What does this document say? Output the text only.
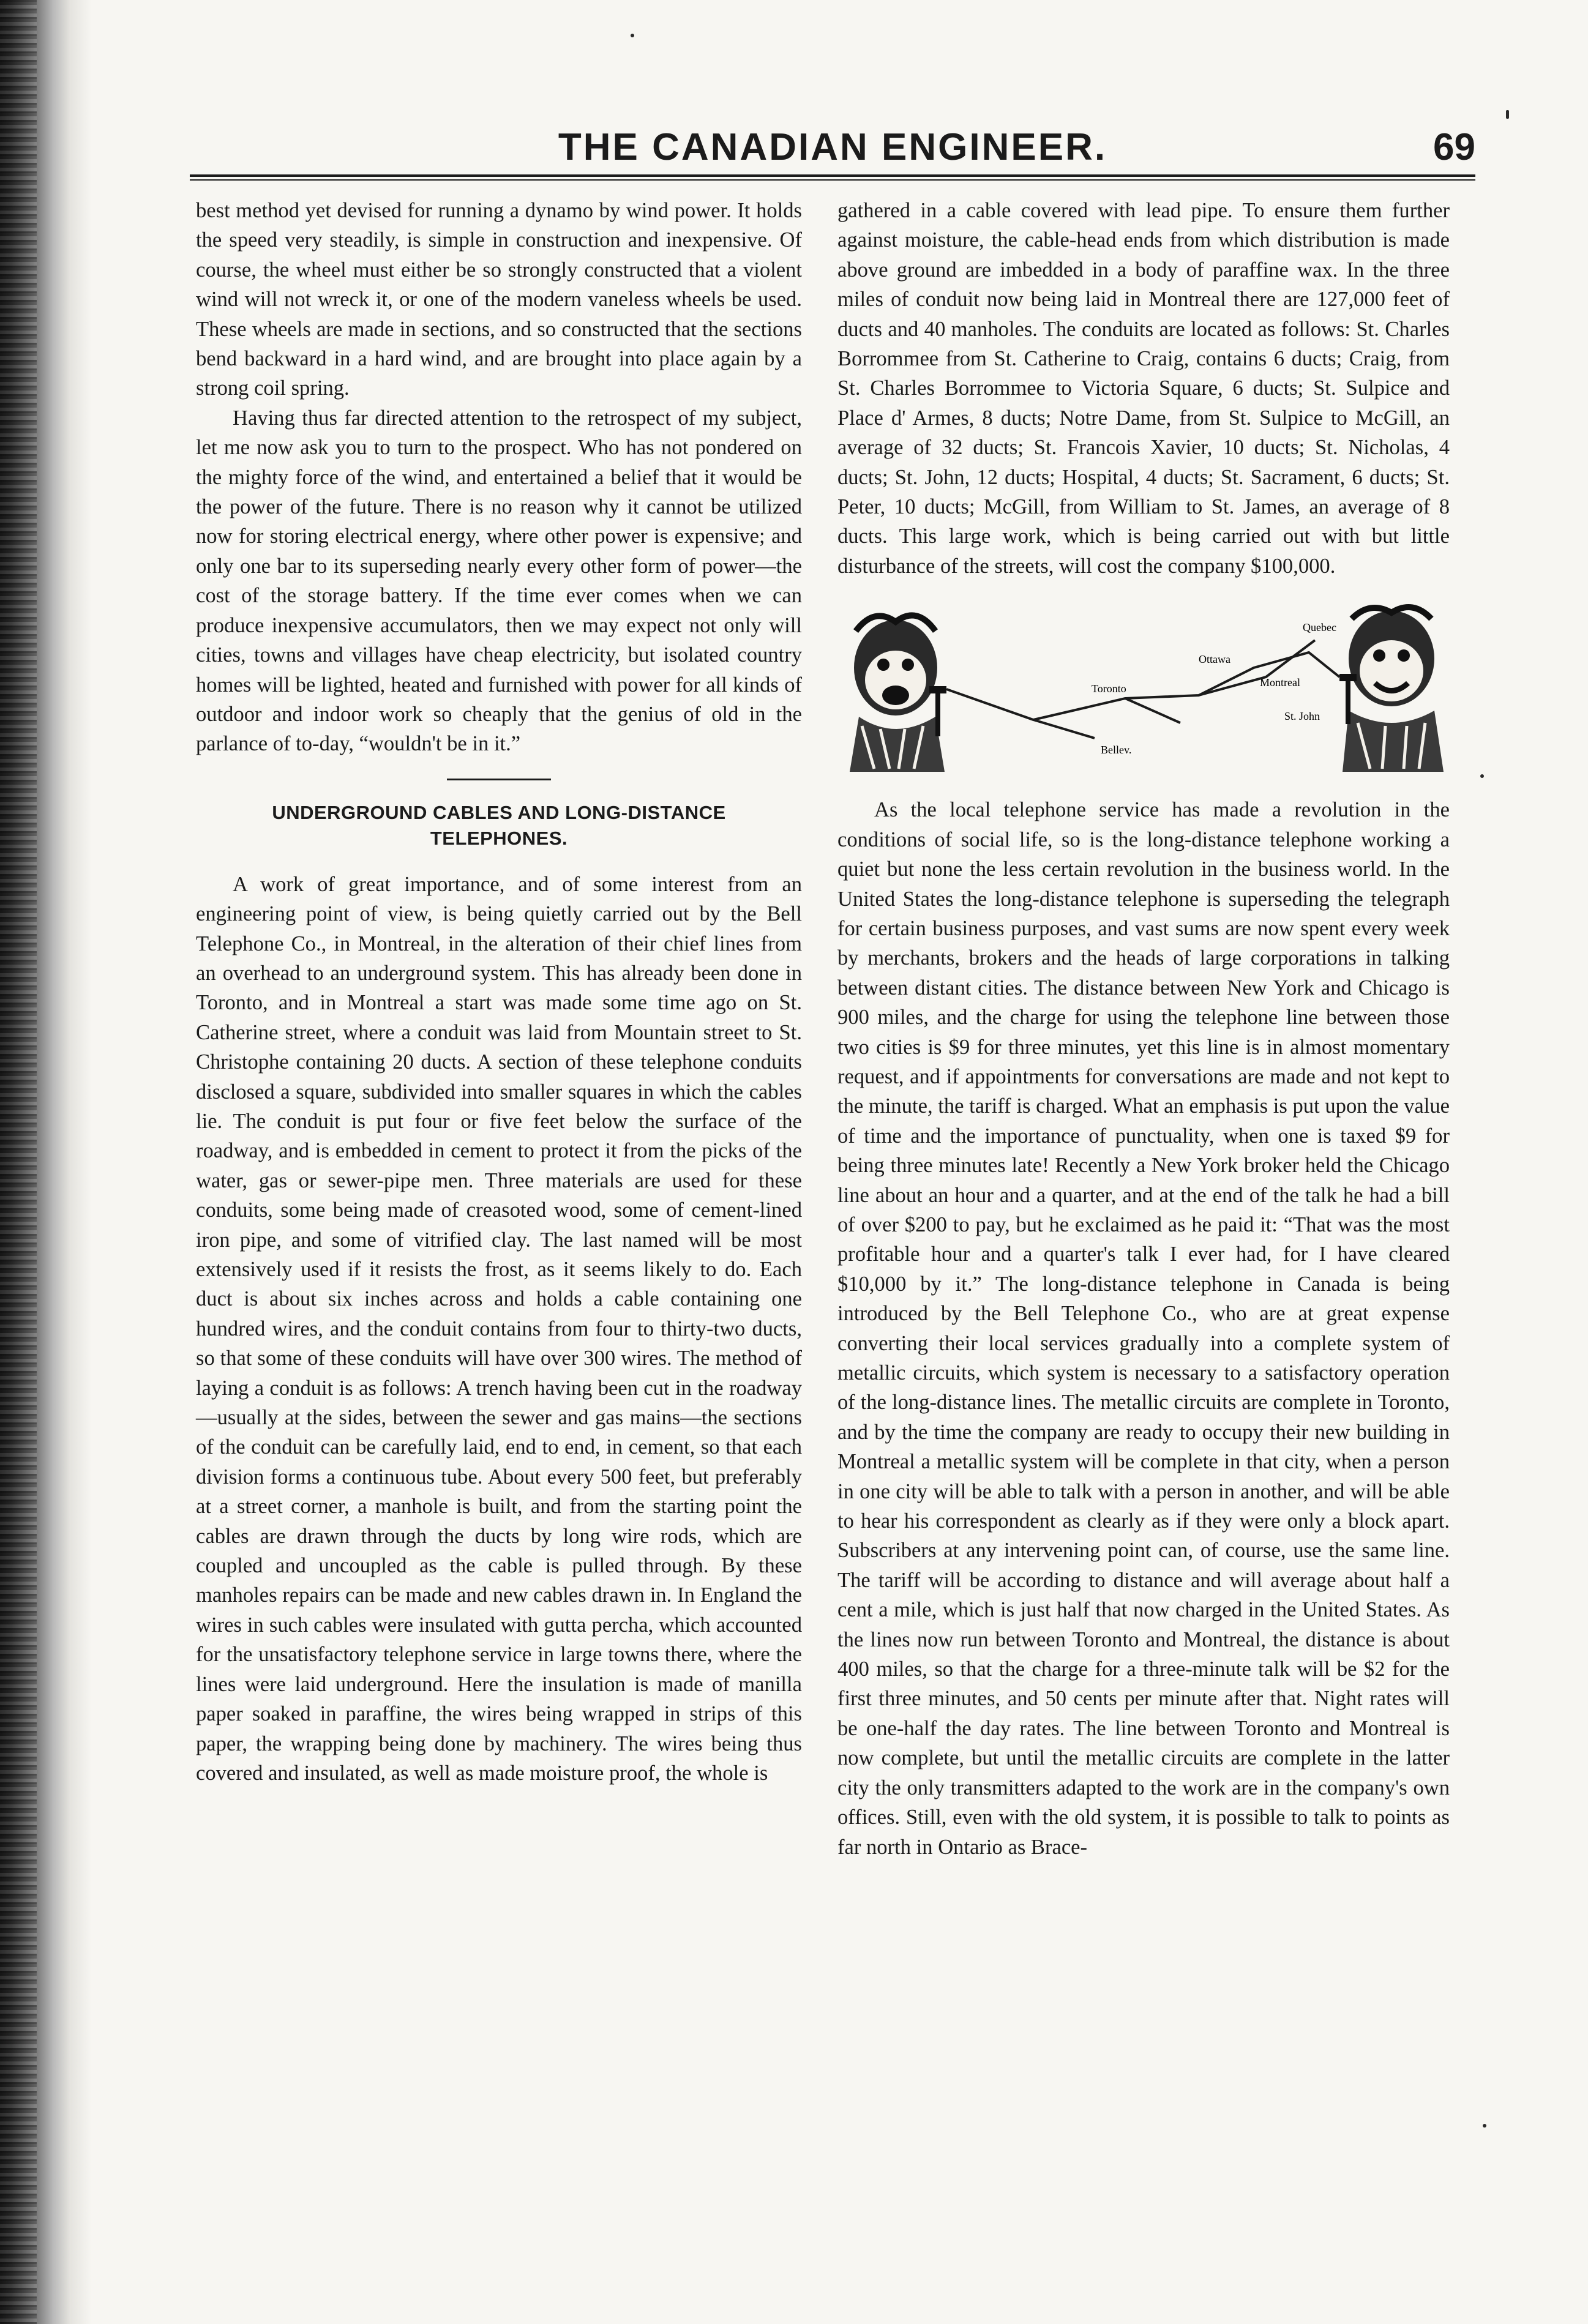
THE CANADIAN ENGINEER.	69

best method yet devised for running a dynamo by wind power. It holds the speed very steadily, is simple in construction and inexpensive. Of course, the wheel must either be so strongly constructed that a violent wind will not wreck it, or one of the modern vaneless wheels be used. These wheels are made in sections, and so constructed that the sections bend backward in a hard wind, and are brought into place again by a strong coil spring.

Having thus far directed attention to the retrospect of my subject, let me now ask you to turn to the prospect. Who has not pondered on the mighty force of the wind, and entertained a belief that it would be the power of the future. There is no reason why it cannot be utilized now for storing electrical energy, where other power is expensive; and only one bar to its superseding nearly every other form of power—the cost of the storage battery. If the time ever comes when we can produce inexpensive accumulators, then we may expect not only will cities, towns and villages have cheap electricity, but isolated country homes will be lighted, heated and furnished with power for all kinds of outdoor and indoor work so cheaply that the genius of old in the parlance of to-day, “wouldn't be in it.”

UNDERGROUND CABLES AND LONG-DISTANCE TELEPHONES.

A work of great importance, and of some interest from an engineering point of view, is being quietly carried out by the Bell Telephone Co., in Montreal, in the alteration of their chief lines from an overhead to an underground system. This has already been done in Toronto, and in Montreal a start was made some time ago on St. Catherine street, where a conduit was laid from Mountain street to St. Christophe containing 20 ducts. A section of these telephone conduits disclosed a square, subdivided into smaller squares in which the cables lie. The conduit is put four or five feet below the surface of the roadway, and is embedded in cement to protect it from the picks of the water, gas or sewer-pipe men. Three materials are used for these conduits, some being made of creasoted wood, some of cement-lined iron pipe, and some of vitrified clay. The last named will be most extensively used if it resists the frost, as it seems likely to do. Each duct is about six inches across and holds a cable containing one hundred wires, and the conduit contains from four to thirty-two ducts, so that some of these conduits will have over 300 wires. The method of laying a conduit is as follows: A trench having been cut in the roadway—usually at the sides, between the sewer and gas mains—the sections of the conduit can be carefully laid, end to end, in cement, so that each division forms a continuous tube. About every 500 feet, but preferably at a street corner, a manhole is built, and from the starting point the cables are drawn through the ducts by long wire rods, which are coupled and uncoupled as the cable is pulled through. By these manholes repairs can be made and new cables drawn in. In England the wires in such cables were insulated with gutta percha, which accounted for the unsatisfactory telephone service in large towns there, where the lines were laid underground. Here the insulation is made of manilla paper soaked in paraffine, the wires being wrapped in strips of this paper, the wrapping being done by machinery. The wires being thus covered and insulated, as well as made moisture proof, the whole is

gathered in a cable covered with lead pipe. To ensure them further against moisture, the cable-head ends from which distribution is made above ground are imbedded in a body of paraffine wax. In the three miles of conduit now being laid in Montreal there are 127,000 feet of ducts and 40 manholes. The conduits are located as follows: St. Charles Borrommee from St. Catherine to Craig, contains 6 ducts; Craig, from St. Charles Borrommee to Victoria Square, 6 ducts; St. Sulpice and Place d' Armes, 8 ducts; Notre Dame, from St. Sulpice to McGill, an average of 32 ducts; St. Francois Xavier, 10 ducts; St. Nicholas, 4 ducts; St. John, 12 ducts; Hospital, 4 ducts; St. Sacrament, 6 ducts; St. Peter, 10 ducts; McGill, from William to St. James, an average of 8 ducts. This large work, which is being carried out with but little disturbance of the streets, will cost the company $100,000.

Toronto
Ottawa
Quebec
Montreal
St. John
Bellev.

As the local telephone service has made a revolution in the conditions of social life, so is the long-distance telephone working a quiet but none the less certain revolution in the business world. In the United States the long-distance telephone is superseding the telegraph for certain business purposes, and vast sums are now spent every week by merchants, brokers and the heads of large corporations in talking between distant cities. The distance between New York and Chicago is 900 miles, and the charge for using the telephone line between those two cities is $9 for three minutes, yet this line is in almost momentary request, and if appointments for conversations are made and not kept to the minute, the tariff is charged. What an emphasis is put upon the value of time and the importance of punctuality, when one is taxed $9 for being three minutes late! Recently a New York broker held the Chicago line about an hour and a quarter, and at the end of the talk he had a bill of over $200 to pay, but he exclaimed as he paid it: “That was the most profitable hour and a quarter's talk I ever had, for I have cleared $10,000 by it.” The long-distance telephone in Canada is being introduced by the Bell Telephone Co., who are at great expense converting their local services gradually into a complete system of metallic circuits, which system is necessary to a satisfactory operation of the long-distance lines. The metallic circuits are complete in Toronto, and by the time the company are ready to occupy their new building in Montreal a metallic system will be complete in that city, when a person in one city will be able to talk with a person in another, and will be able to hear his correspondent as clearly as if they were only a block apart. Subscribers at any intervening point can, of course, use the same line. The tariff will be according to distance and will average about half a cent a mile, which is just half that now charged in the United States. As the lines now run between Toronto and Montreal, the distance is about 400 miles, so that the charge for a three-minute talk will be $2 for the first three minutes, and 50 cents per minute after that. Night rates will be one-half the day rates. The line between Toronto and Montreal is now complete, but until the metallic circuits are complete in the latter city the only transmitters adapted to the work are in the company's own offices. Still, even with the old system, it is possible to talk to points as far north in Ontario as Brace-
